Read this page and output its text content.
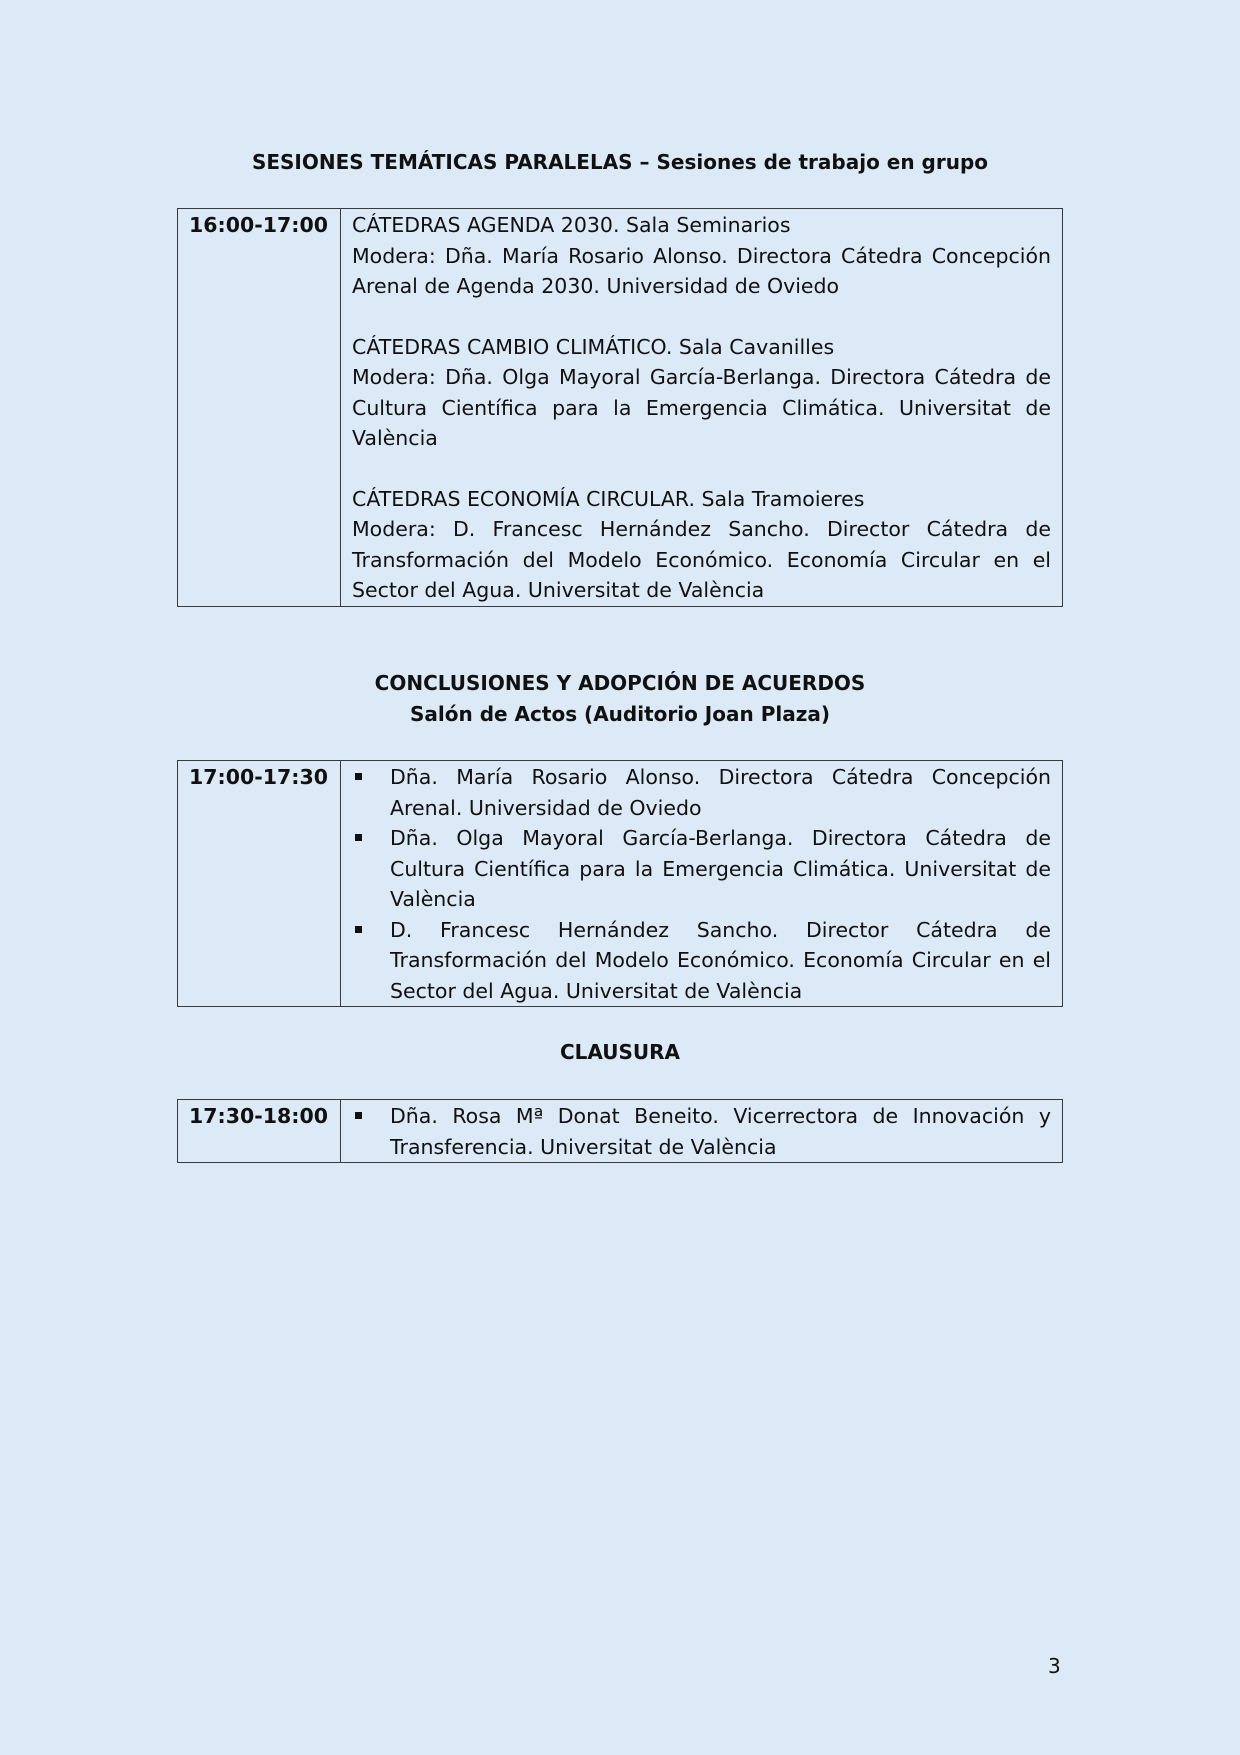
SESIONES TEMÁTICAS PARALELAS – Sesiones de trabajo en grupo

16:00-17:00	CÁTEDRAS AGENDA 2030. Sala Seminarios

Modera: Dña. María Rosario Alonso. Directora Cátedra Concepción Arenal de Agenda 2030. Universidad de Oviedo

CÁTEDRAS CAMBIO CLIMÁTICO. Sala Cavanilles

Modera: Dña. Olga Mayoral García-Berlanga. Directora Cátedra de Cultura Científica para la Emergencia Climática. Universitat de València

CÁTEDRAS ECONOMÍA CIRCULAR. Sala Tramoieres

Modera: D. Francesc Hernández Sancho. Director Cátedra de Transformación del Modelo Económico. Economía Circular en el Sector del Agua. Universitat de València

CONCLUSIONES Y ADOPCIÓN DE ACUERDOS

Salón de Actos (Auditorio Joan Plaza)

17:00-17:30	Dña. María Rosario Alonso. Directora Cátedra Concepción Arenal. Universidad de Oviedo
Dña. Olga Mayoral García-Berlanga. Directora Cátedra de Cultura Científica para la Emergencia Climática. Universitat de València
D. Francesc Hernández Sancho. Director Cátedra de Transformación del Modelo Económico. Economía Circular en el Sector del Agua. Universitat de València

CLAUSURA

17:30-18:00	Dña. Rosa Mª Donat Beneito. Vicerrectora de Innovación y Transferencia. Universitat de València
3
